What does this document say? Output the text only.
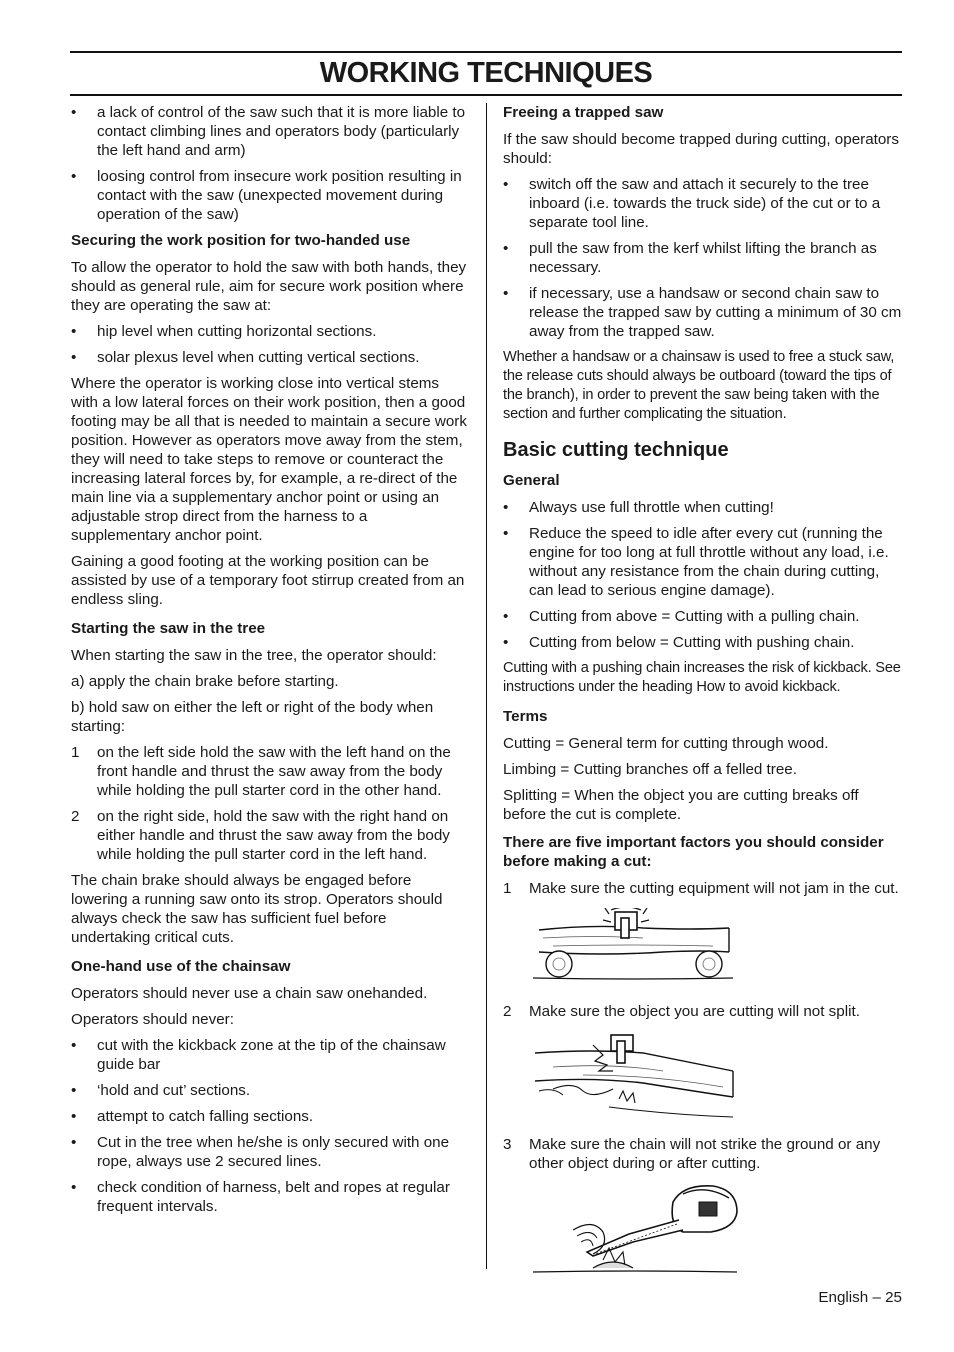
WORKING TECHNIQUES
• a lack of control of the saw such that it is more liable to contact climbing lines and operators body (particularly the left hand and arm)
• loosing control from insecure work position resulting in contact with the saw (unexpected movement during operation of the saw)
Securing the work position for two-handed use

To allow the operator to hold the saw with both hands, they should as general rule, aim for secure work position where they are operating the saw at:

• hip level when cutting horizontal sections.
• solar plexus level when cutting vertical sections.

Where the operator is working close into vertical stems with a low lateral forces on their work position, then a good footing may be all that is needed to maintain a secure work position. However as operators move away from the stem, they will need to take steps to remove or counteract the increasing lateral forces by, for example, a re-direct of the main line via a supplementary anchor point or using an adjustable strop direct from the harness to a supplementary anchor point.

Gaining a good footing at the working position can be assisted by use of a temporary foot stirrup created from an endless sling.

Starting the saw in the tree

When starting the saw in the tree, the operator should:

a) apply the chain brake before starting.

b) hold saw on either the left or right of the body when starting:

1 on the left side hold the saw with the left hand on the front handle and thrust the saw away from the body while holding the pull starter cord in the other hand.
2 on the right side, hold the saw with the right hand on either handle and thrust the saw away from the body while holding the pull starter cord in the left hand.

The chain brake should always be engaged before lowering a running saw onto its strop. Operators should always check the saw has sufficient fuel before undertaking critical cuts.

One-hand use of the chainsaw

Operators should never use a chain saw onehanded.

Operators should never:

• cut with the kickback zone at the tip of the chainsaw guide bar
• ‘hold and cut’ sections.
• attempt to catch falling sections.
• Cut in the tree when he/she is only secured with one rope, always use 2 secured lines.
• check condition of harness, belt and ropes at regular frequent intervals.
Freeing a trapped saw

If the saw should become trapped during cutting, operators should:

• switch off the saw and attach it securely to the tree inboard (i.e. towards the truck side) of the cut or to a separate tool line.
• pull the saw from the kerf whilst lifting the branch as necessary.
• if necessary, use a handsaw or second chain saw to release the trapped saw by cutting a minimum of 30 cm away from the trapped saw.

Whether a handsaw or a chainsaw is used to free a stuck saw, the release cuts should always be outboard (toward the tips of the branch), in order to prevent the saw being taken with the section and further complicating the situation.

Basic cutting technique
General
• Always use full throttle when cutting!
• Reduce the speed to idle after every cut (running the engine for too long at full throttle without any load, i.e. without any resistance from the chain during cutting, can lead to serious engine damage).
• Cutting from above = Cutting with a pulling chain.
• Cutting from below = Cutting with pushing chain.

Cutting with a pushing chain increases the risk of kickback. See instructions under the heading How to avoid kickback.

Terms

Cutting = General term for cutting through wood.

Limbing = Cutting branches off a felled tree.

Splitting = When the object you are cutting breaks off before the cut is complete.

There are five important factors you should consider before making a cut:
1 Make sure the cutting equipment will not jam in the cut.
2 Make sure the object you are cutting will not split.
3 Make sure the chain will not strike the ground or any other object during or after cutting.
English – 25
